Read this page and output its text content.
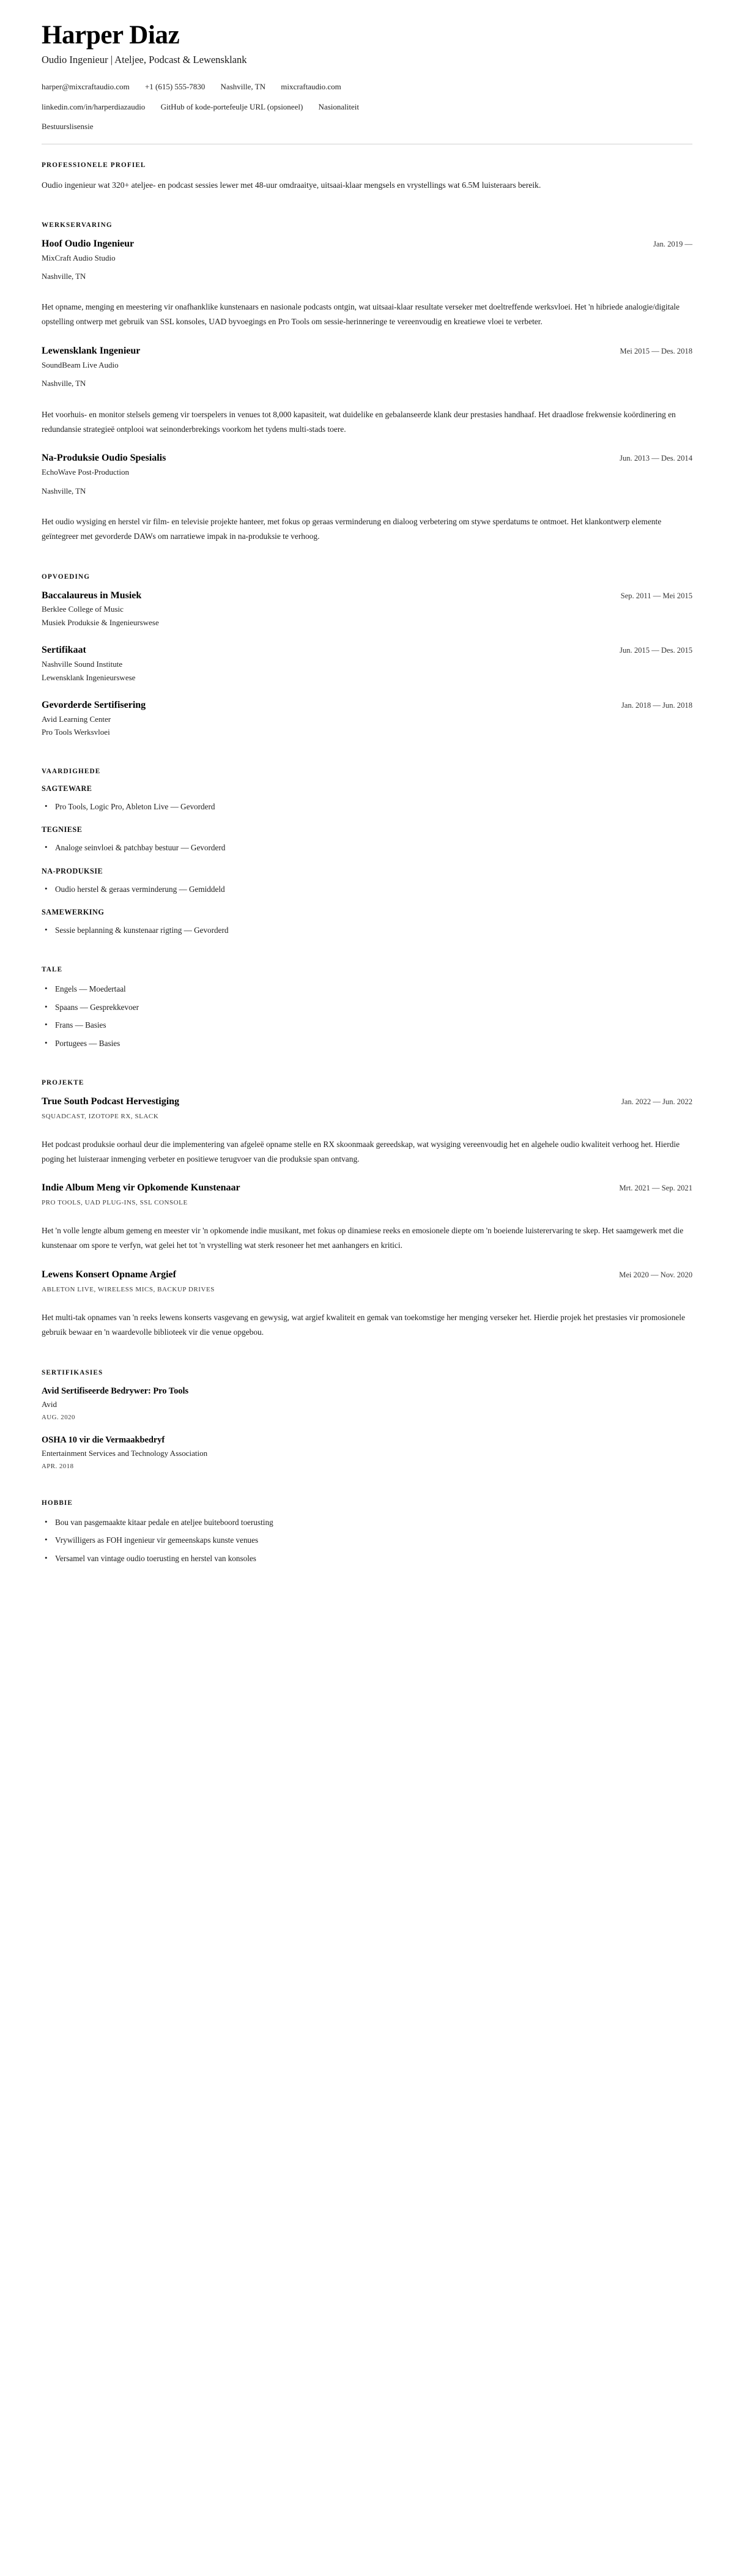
Harper Diaz

Oudio Ingenieur | Ateljee, Podcast & Lewensklank

harper@mixcraftaudio.com +1 (615) 555-7830 Nashville, TN mixcraftaudio.com
linkedin.com/in/harperdiazaudio GitHub of kode-portefeulje URL (opsioneel) Nasionaliteit
Bestuurslisensie
PROFESSIONELE PROFIEL

Oudio ingenieur wat 320+ ateljee- en podcast sessies lewer met 48-uur omdraaitye, uitsaai-klaar mengsels en vrystellings wat 6.5M luisteraars bereik.

WERKSERVARING
Hoof Oudio Ingenieur	Jan. 2019 —

MixCraft Audio Studio

Nashville, TN

Het opname, menging en meestering vir onafhanklike kunstenaars en nasionale podcasts ontgin, wat uitsaai-klaar resultate verseker met doeltreffende werksvloei. Het 'n hibriede analogie/digitale opstelling ontwerp met gebruik van SSL konsoles, UAD byvoegings en Pro Tools om sessie-herinneringe te vereenvoudig en kreatiewe vloei te verbeter.

Lewensklank Ingenieur	Mei 2015 — Des. 2018

SoundBeam Live Audio

Nashville, TN

Het voorhuis- en monitor stelsels gemeng vir toerspelers in venues tot 8,000 kapasiteit, wat duidelike en gebalanseerde klank deur prestasies handhaaf. Het draadlose frekwensie koördinering en redundansie strategieë ontplooi wat seinonderbrekings voorkom het tydens multi-stads toere.

Na-Produksie Oudio Spesialis	Jun. 2013 — Des. 2014

EchoWave Post-Production

Nashville, TN

Het oudio wysiging en herstel vir film- en televisie projekte hanteer, met fokus op geraas verminderung en dialoog verbetering om stywe sperdatums te ontmoet. Het klankontwerp elemente geïntegreer met gevorderde DAWs om narratiewe impak in na-produksie te verhoog.

OPVOEDING
Baccalaureus in Musiek	Sep. 2011 — Mei 2015

Berklee College of Music

Musiek Produksie & Ingenieurswese

Sertifikaat	Jun. 2015 — Des. 2015

Nashville Sound Institute

Lewensklank Ingenieurswese

Gevorderde Sertifisering	Jan. 2018 — Jun. 2018

Avid Learning Center

Pro Tools Werksvloei

VAARDIGHEDE
SAGTEWARE
• Pro Tools, Logic Pro, Ableton Live — Gevorderd
TEGNIESE
• Analoge seinvloei & patchbay bestuur — Gevorderd
NA-PRODUKSIE
• Oudio herstel & geraas verminderung — Gemiddeld
SAMEWERKING
• Sessie beplanning & kunstenaar rigting — Gevorderd
TALE
• Engels — Moedertaal
• Spaans — Gesprekkevoer
• Frans — Basies
• Portugees — Basies
PROJEKTE
True South Podcast Hervestiging	Jan. 2022 — Jun. 2022

SQUADCAST, IZOTOPE RX, SLACK

Het podcast produksie oorhaul deur die implementering van afgeleë opname stelle en RX skoonmaak gereedskap, wat wysiging vereenvoudig het en algehele oudio kwaliteit verhoog het. Hierdie poging het luisteraar inmenging verbeter en positiewe terugvoer van die produksie span ontvang.

Indie Album Meng vir Opkomende Kunstenaar	Mrt. 2021 — Sep. 2021

PRO TOOLS, UAD PLUG-INS, SSL CONSOLE

Het 'n volle lengte album gemeng en meester vir 'n opkomende indie musikant, met fokus op dinamiese reeks en emosionele diepte om 'n boeiende luisterervaring te skep. Het saamgewerk met die kunstenaar om spore te verfyn, wat gelei het tot 'n vrystelling wat sterk resoneer het met aanhangers en kritici.

Lewens Konsert Opname Argief	Mei 2020 — Nov. 2020

ABLETON LIVE, WIRELESS MICS, BACKUP DRIVES

Het multi-tak opnames van 'n reeks lewens konserts vasgevang en gewysig, wat argief kwaliteit en gemak van toekomstige her menging verseker het. Hierdie projek het prestasies vir promosionele gebruik bewaar en 'n waardevolle biblioteek vir die venue opgebou.

SERTIFIKASIES

Avid Sertifiseerde Bedrywer: Pro Tools

Avid

AUG. 2020

OSHA 10 vir die Vermaakbedryf

Entertainment Services and Technology Association

APR. 2018

HOBBIE
• Bou van pasgemaakte kitaar pedale en ateljee buiteboord toerusting
• Vrywilligers as FOH ingenieur vir gemeenskaps kunste venues
• Versamel van vintage oudio toerusting en herstel van konsoles
